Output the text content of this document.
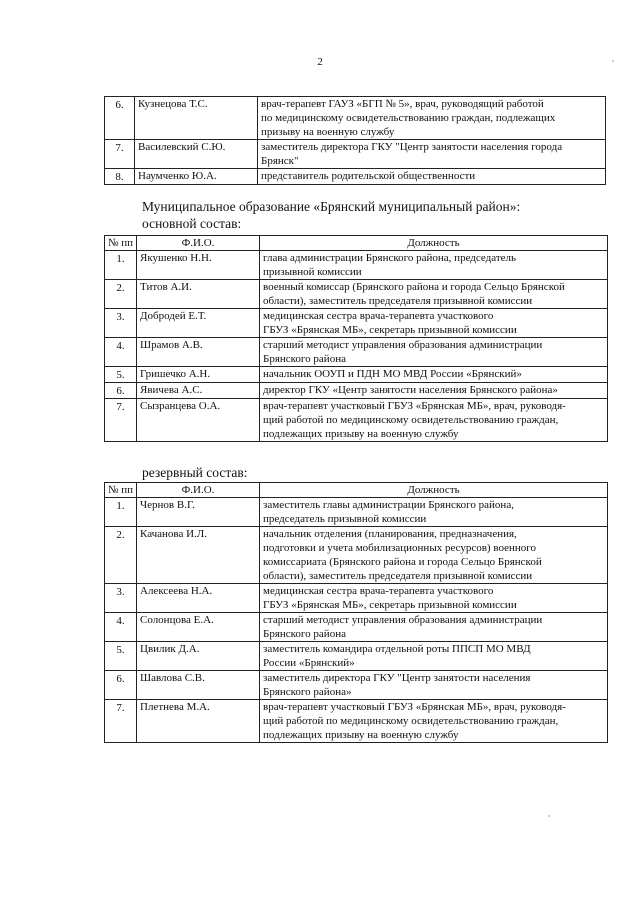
2
6.	Кузнецова Т.С.	врач-терапевт ГАУЗ «БГП № 5», врач, руководящий работой
по медицинскому освидетельствованию граждан, подлежащих
призыву на военную службу

7.	Василевский С.Ю.	заместитель директора ГКУ "Центр занятости населения города
Брянск"

8.	Наумченко Ю.А.	представитель родительской общественности
Муниципальное образование «Брянский муниципальный район»:
основной состав:
№ пп	Ф.И.О.	Должность
1.	Якушенко Н.Н.	глава администрации Брянского района, председатель
призывной комиссии

2.	Титов А.И.	военный комиссар (Брянского района и города Сельцо Брянской
области), заместитель председателя призывной комиссии

3.	Добродей Е.Т.	медицинская сестра врача-терапевта участкового
ГБУЗ «Брянская МБ», секретарь призывной комиссии

4.	Шрамов А.В.	старший методист управления образования администрации
Брянского района

5.	Гришечко А.Н.	начальник ООУП и ПДН МО МВД России «Брянский»

6.	Явичева А.С.	директор ГКУ «Центр занятости населения Брянского района»

7.	Сызранцева О.А.	врач-терапевт участковый ГБУЗ «Брянская МБ», врач, руководя-
щий работой по медицинскому освидетельствованию граждан,
подлежащих призыву на военную службу
резервный состав:
№ пп	Ф.И.О.	Должность
1.	Чернов В.Г.	заместитель главы администрации Брянского района,
председатель призывной комиссии

2.	Качанова И.Л.	начальник отделения (планирования, предназначения,
подготовки и учета мобилизационных ресурсов) военного
комиссариата (Брянского района и города Сельцо Брянской
области), заместитель председателя призывной комиссии

3.	Алексеева Н.А.	медицинская сестра врача-терапевта участкового
ГБУЗ «Брянская МБ», секретарь призывной комиссии

4.	Солонцова Е.А.	старший методист управления образования администрации
Брянского района

5.	Цвилик Д.А.	заместитель командира отдельной роты ППСП МО МВД
России «Брянский»

6.	Шавлова С.В.	заместитель директора ГКУ "Центр занятости населения
Брянского района»

7.	Плетнева М.А.	врач-терапевт участковый ГБУЗ «Брянская МБ», врач, руководя-
щий работой по медицинскому освидетельствованию граждан,
подлежащих призыву на военную службу
